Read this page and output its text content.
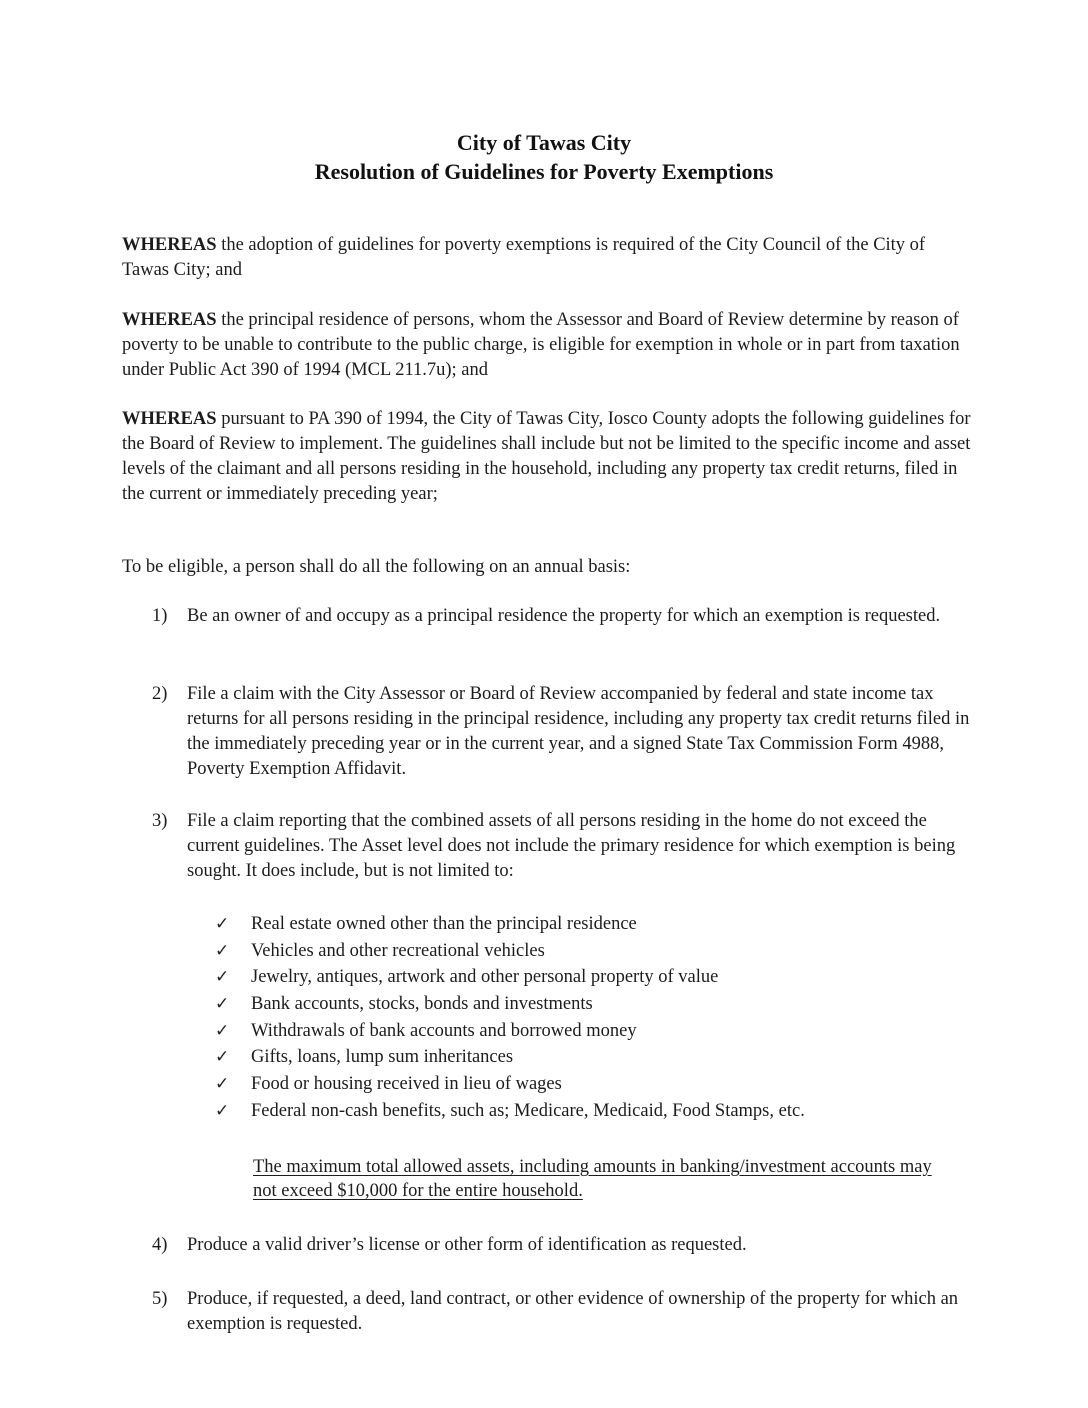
City of Tawas City
Resolution of Guidelines for Poverty Exemptions
WHEREAS the adoption of guidelines for poverty exemptions is required of the City Council of the City of Tawas City; and
WHEREAS the principal residence of persons, whom the Assessor and Board of Review determine by reason of poverty to be unable to contribute to the public charge, is eligible for exemption in whole or in part from taxation under Public Act 390 of 1994 (MCL 211.7u); and
WHEREAS pursuant to PA 390 of 1994, the City of Tawas City, Iosco County adopts the following guidelines for the Board of Review to implement. The guidelines shall include but not be limited to the specific income and asset levels of the claimant and all persons residing in the household, including any property tax credit returns, filed in the current or immediately preceding year;
To be eligible, a person shall do all the following on an annual basis:
1)	Be an owner of and occupy as a principal residence the property for which an exemption is requested.
2)	File a claim with the City Assessor or Board of Review accompanied by federal and state income tax returns for all persons residing in the principal residence, including any property tax credit returns filed in the immediately preceding year or in the current year, and a signed State Tax Commission Form 4988, Poverty Exemption Affidavit.
3)	File a claim reporting that the combined assets of all persons residing in the home do not exceed the current guidelines. The Asset level does not include the primary residence for which exemption is being sought. It does include, but is not limited to:
✓ Real estate owned other than the principal residence
✓ Vehicles and other recreational vehicles
✓ Jewelry, antiques, artwork and other personal property of value
✓ Bank accounts, stocks, bonds and investments
✓ Withdrawals of bank accounts and borrowed money
✓ Gifts, loans, lump sum inheritances
✓ Food or housing received in lieu of wages
✓ Federal non-cash benefits, such as; Medicare, Medicaid, Food Stamps, etc.
The maximum total allowed assets, including amounts in banking/investment accounts may not exceed $10,000 for the entire household.
4)	Produce a valid driver’s license or other form of identification as requested.
5)	Produce, if requested, a deed, land contract, or other evidence of ownership of the property for which an exemption is requested.
